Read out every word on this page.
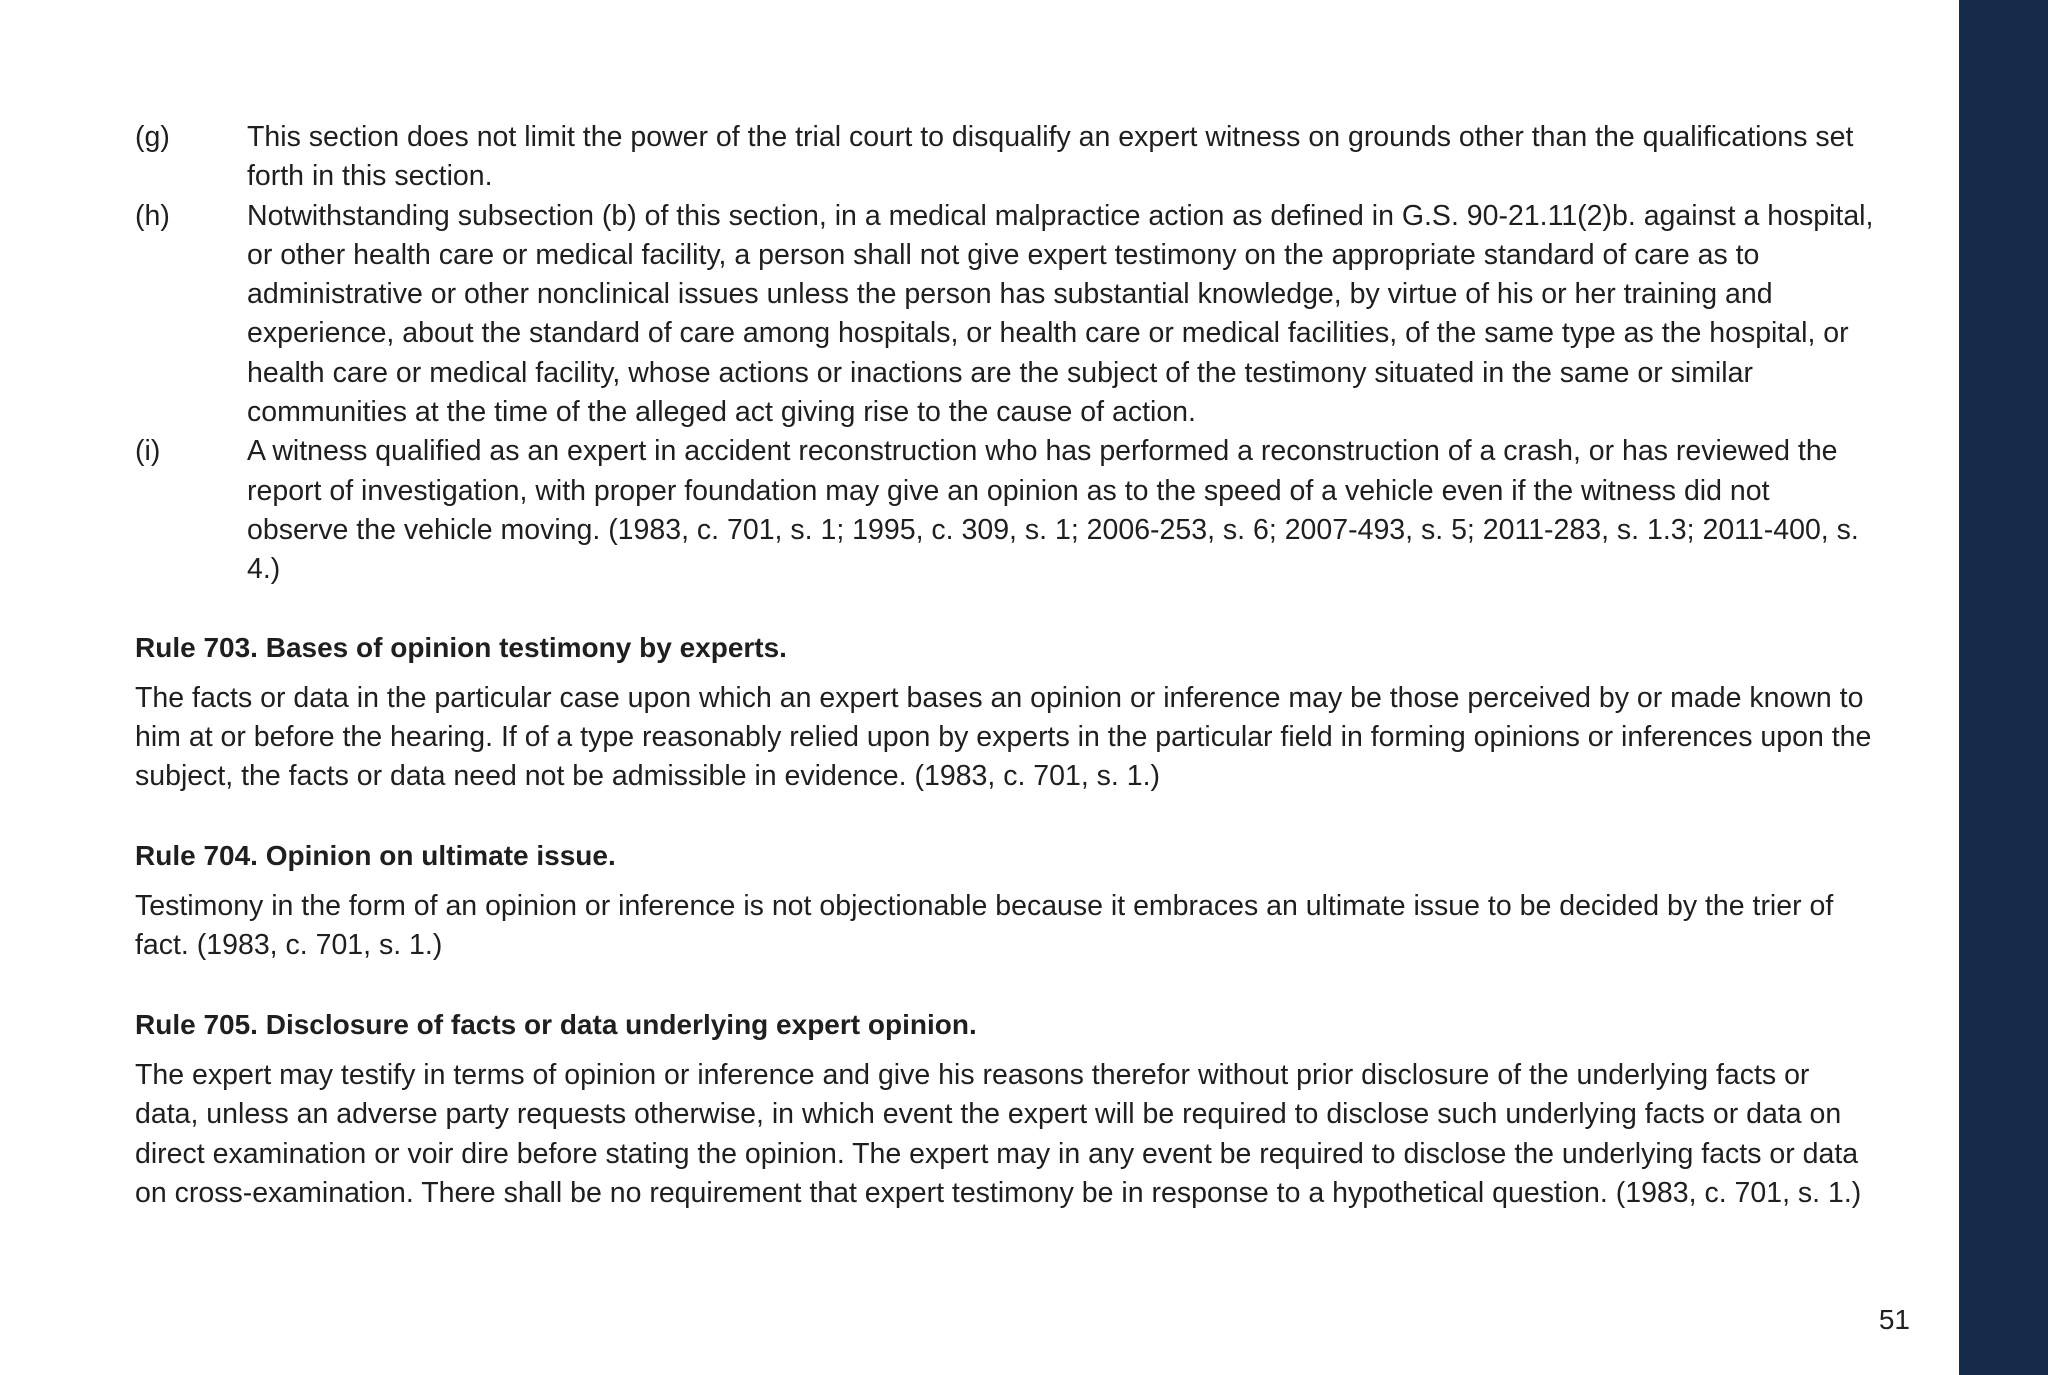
(g)	This section does not limit the power of the trial court to disqualify an expert witness on grounds other than the qualifications set forth in this section.

(h)	Notwithstanding subsection (b) of this section, in a medical malpractice action as defined in G.S. 90-21.11(2)b. against a hospital, or other health care or medical facility, a person shall not give expert testimony on the appropriate standard of care as to administrative or other nonclinical issues unless the person has substantial knowledge, by virtue of his or her training and experience, about the standard of care among hospitals, or health care or medical facilities, of the same type as the hospital, or health care or medical facility, whose actions or inactions are the subject of the testimony situated in the same or similar communities at the time of the alleged act giving rise to the cause of action.

(i)	A witness qualified as an expert in accident reconstruction who has performed a reconstruction of a crash, or has reviewed the report of investigation, with proper foundation may give an opinion as to the speed of a vehicle even if the witness did not observe the vehicle moving. (1983, c. 701, s. 1; 1995, c. 309, s. 1; 2006-253, s. 6; 2007-493, s. 5; 2011-283, s. 1.3; 2011-400, s. 4.)

Rule 703. Bases of opinion testimony by experts.

The facts or data in the particular case upon which an expert bases an opinion or inference may be those perceived by or made known to him at or before the hearing. If of a type reasonably relied upon by experts in the particular field in forming opinions or inferences upon the subject, the facts or data need not be admissible in evidence. (1983, c. 701, s. 1.)

Rule 704. Opinion on ultimate issue.

Testimony in the form of an opinion or inference is not objectionable because it embraces an ultimate issue to be decided by the trier of fact. (1983, c. 701, s. 1.)

Rule 705. Disclosure of facts or data underlying expert opinion.

The expert may testify in terms of opinion or inference and give his reasons therefor without prior disclosure of the underlying facts or data, unless an adverse party requests otherwise, in which event the expert will be required to disclose such underlying facts or data on direct examination or voir dire before stating the opinion. The expert may in any event be required to disclose the underlying facts or data on cross-examination. There shall be no requirement that expert testimony be in response to a hypothetical question. (1983, c. 701, s. 1.)

51
